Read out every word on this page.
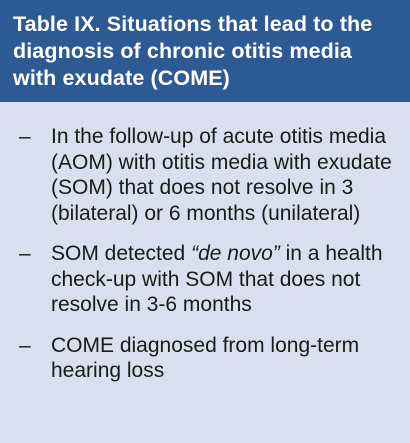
Table IX. Situations that lead to the diagnosis of chronic otitis media with exudate (COME)
– In the follow-up of acute otitis media (AOM) with otitis media with exudate (SOM) that does not resolve in 3 (bilateral) or 6 months (unilateral)
– SOM detected “de novo” in a health check-up with SOM that does not resolve in 3-6 months
– COME diagnosed from long-term hearing loss
